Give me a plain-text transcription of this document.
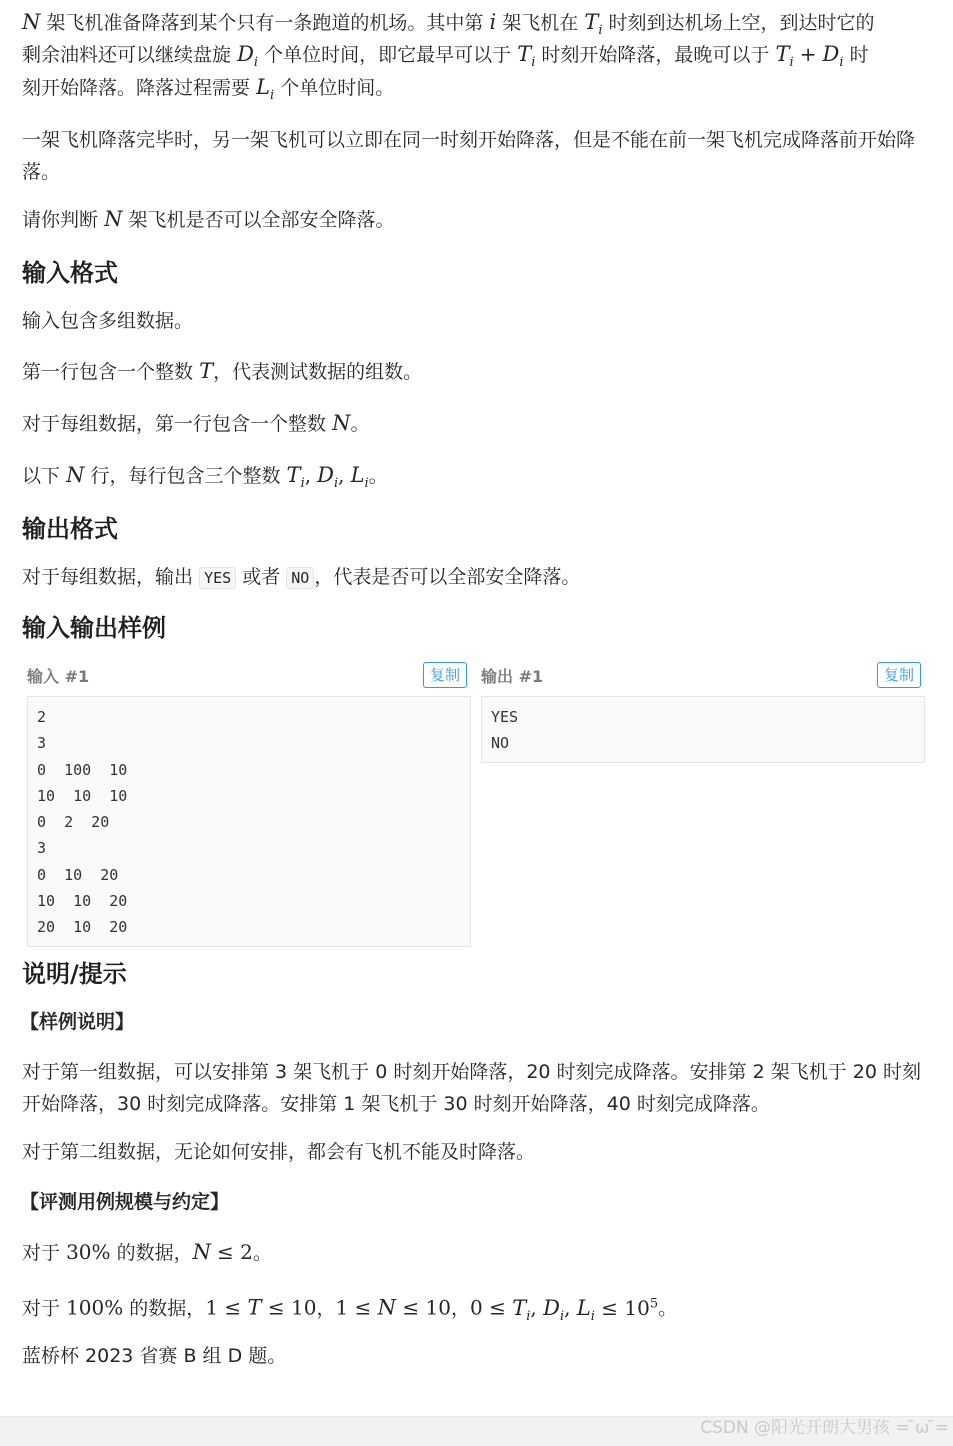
N 架飞机准备降落到某个只有一条跑道的机场。其中第 i 架飞机在 $T_i$ 时刻到达机场上空，到达时它的
剩余油料还可以继续盘旋 $D_i$ 个单位时间，即它最早可以于 $T_i$ 时刻开始降落，最晚可以于 $T_i + D_i$ 时
刻开始降落。降落过程需要 $L_i$ 个单位时间。
一架飞机降落完毕时，另一架飞机可以立即在同一时刻开始降落，但是不能在前一架飞机完成降落前开始降落。
请你判断 N 架飞机是否可以全部安全降落。
输入格式
输入包含多组数据。
第一行包含一个整数 T，代表测试数据的组数。
对于每组数据，第一行包含一个整数 N。
以下 N 行，每行包含三个整数 $T_i$, $D_i$, $L_i$。
输出格式
对于每组数据，输出 YES 或者 NO ，代表是否可以全部安全降落。
输入输出样例
输入 #1	复制
2
3
0  100  10
10  10  10
0  2  20
3
0  10  20
10  10  20
20  10  20
输出 #1	复制
YES
NO
说明/提示
【样例说明】
对于第一组数据，可以安排第 3 架飞机于 0 时刻开始降落，20 时刻完成降落。安排第 2 架飞机于 20 时刻开始降落，30 时刻完成降落。安排第 1 架飞机于 30 时刻开始降落，40 时刻完成降落。
对于第二组数据，无论如何安排，都会有飞机不能及时降落。
【评测用例规模与约定】
对于 30% 的数据，N ≤ 2。
对于 100% 的数据，1 ≤ T ≤ 10，1 ≤ N ≤ 10，$0 \le T_i$, $D_i$, $L_i \le 10^5$。
蓝桥杯 2023 省赛 B 组 D 题。
CSDN @阳光开朗大男孩 = ̄ω ̄=
